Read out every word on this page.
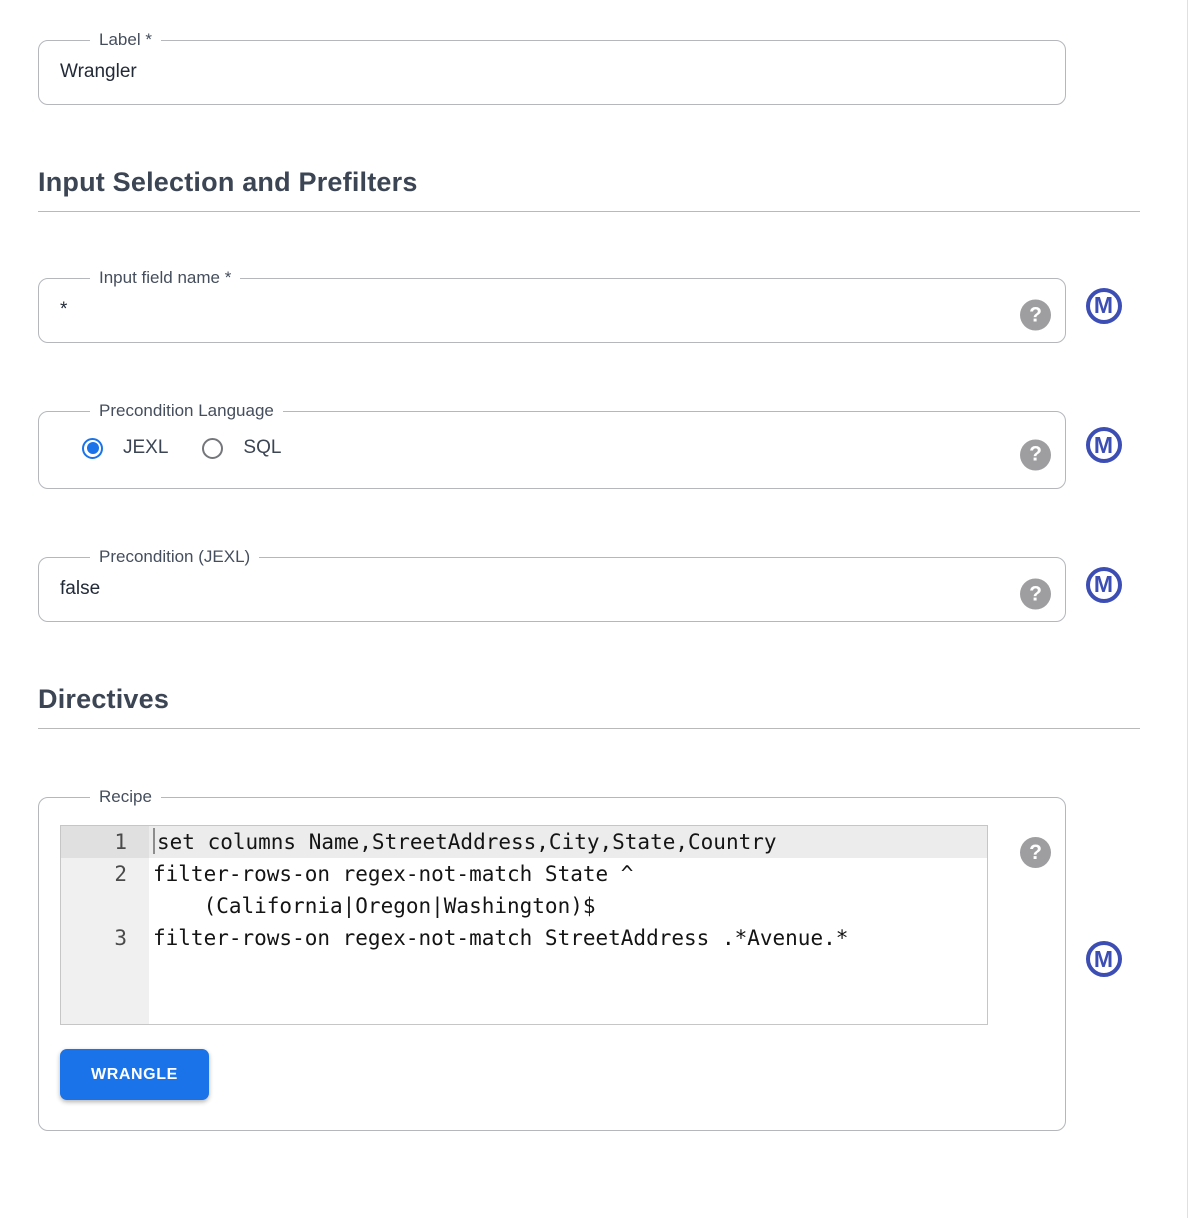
Label *
Wrangler
Input Selection and Prefilters
Input field name *
*	?	M
Precondition Language
JEXL	SQL	?	M
Precondition (JEXL)
false	?	M
Directives
Recipe
1	set columns Name,StreetAddress,City,State,Country
2	filter-rows-on regex-not-match State ^
(California|Oregon|Washington)$
3	filter-rows-on regex-not-match StreetAddress .*Avenue.*
?
WRANGLE
M
